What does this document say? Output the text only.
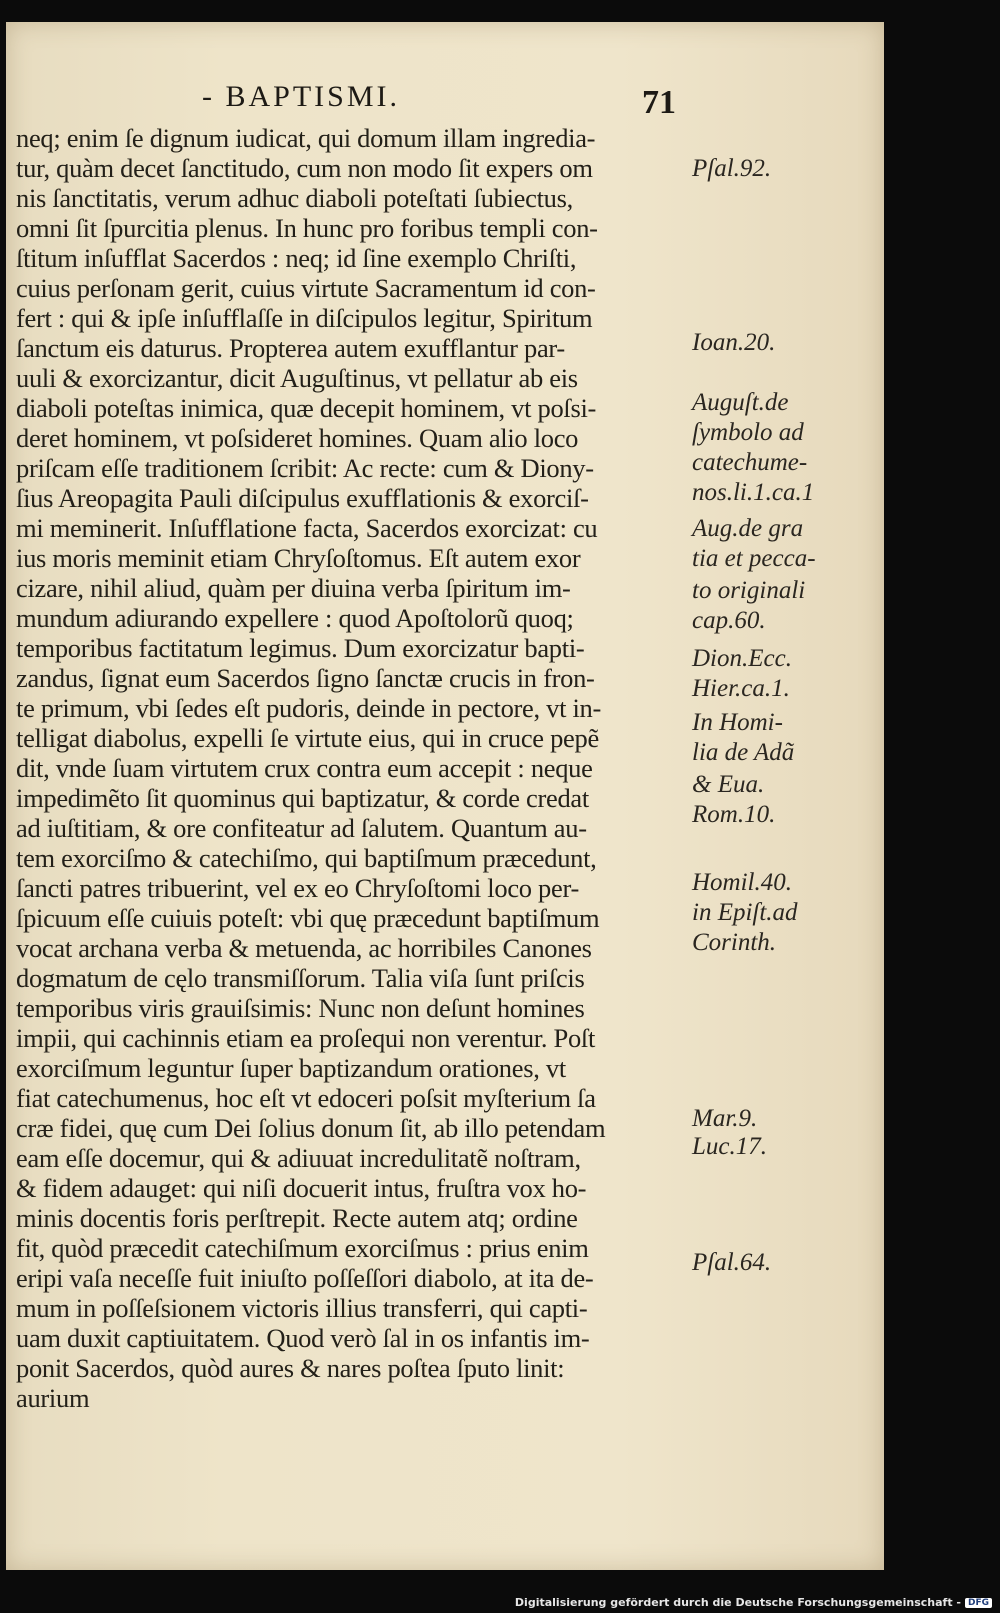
- BAPTISMI.	71
neq; enim ſe dignum iudicat, qui domum illam ingredia-
tur, quàm decet ſanctitudo, cum non modo ſit expers om
nis ſanctitatis, verum adhuc diaboli poteſtati ſubiectus,
omni ſit ſpurcitia plenus. In hunc pro foribus templi con-
ſtitum inſufflat Sacerdos : neq; id ſine exemplo Chriſti,
cuius perſonam gerit, cuius virtute Sacramentum id con-
fert : qui & ipſe inſufflaſſe in diſcipulos legitur, Spiritum
ſanctum eis daturus. Propterea autem exufflantur par-
uuli & exorcizantur, dicit Auguſtinus, vt pellatur ab eis
diaboli poteſtas inimica, quæ decepit hominem, vt poſsi-
deret hominem, vt poſsideret homines. Quam alio loco
priſcam eſſe traditionem ſcribit: Ac recte: cum & Diony-
ſius Areopagita Pauli diſcipulus exufflationis & exorciſ-
mi meminerit. Inſufflatione facta, Sacerdos exorcizat: cu
ius moris meminit etiam Chryſoſtomus. Eſt autem exor
cizare, nihil aliud, quàm per diuina verba ſpiritum im-
mundum adiurando expellere : quod Apoſtolorũ quoq;
temporibus factitatum legimus. Dum exorcizatur bapti-
zandus, ſignat eum Sacerdos ſigno ſanctæ crucis in fron-
te primum, vbi ſedes eſt pudoris, deinde in pectore, vt in-
telligat diabolus, expelli ſe virtute eius, qui in cruce pepẽ
dit, vnde ſuam virtutem crux contra eum accepit : neque
impedimẽto ſit quominus qui baptizatur, & corde credat
ad iuſtitiam, & ore confiteatur ad ſalutem. Quantum au-
tem exorciſmo & catechiſmo, qui baptiſmum præcedunt,
ſancti patres tribuerint, vel ex eo Chryſoſtomi loco per-
ſpicuum eſſe cuiuis poteſt: vbi quę præcedunt baptiſmum
vocat archana verba & metuenda, ac horribiles Canones
dogmatum de cęlo transmiſſorum. Talia viſa ſunt priſcis
temporibus viris grauiſsimis: Nunc non deſunt homines
impii, qui cachinnis etiam ea proſequi non verentur. Poſt
exorciſmum leguntur ſuper baptizandum orationes, vt
fiat catechumenus, hoc eſt vt edoceri poſsit myſterium ſa
cræ fidei, quę cum Dei ſolius donum ſit, ab illo petendam
eam eſſe docemur, qui & adiuuat incredulitatẽ noſtram,
& fidem adauget: qui niſi docuerit intus, fruſtra vox ho-
minis docentis foris perſtrepit. Recte autem atq; ordine
fit, quòd præcedit catechiſmum exorciſmus : prius enim
eripi vaſa neceſſe fuit iniuſto poſſeſſori diabolo, at ita de-
mum in poſſeſsionem victoris illius transferri, qui capti-
uam duxit captiuitatem. Quod verò ſal in os infantis im-
ponit Sacerdos, quòd aures & nares poſtea ſputo linit:
aurium
Pſal.92.
Ioan.20.
Auguſt.de
ſymbolo ad
catechume-
nos.li.1.ca.1
Aug.de gra
tia et pecca-
to originali
cap.60.
Dion.Ecc.
Hier.ca.1.
In Homi-
lia de Adã
& Eua.
Rom.10.
Homil.40.
in Epiſt.ad
Corinth.
Mar.9.
Luc.17.
Pſal.64.
Digitalisierung gefördert durch die Deutsche Forschungsgemeinschaft - DFG
